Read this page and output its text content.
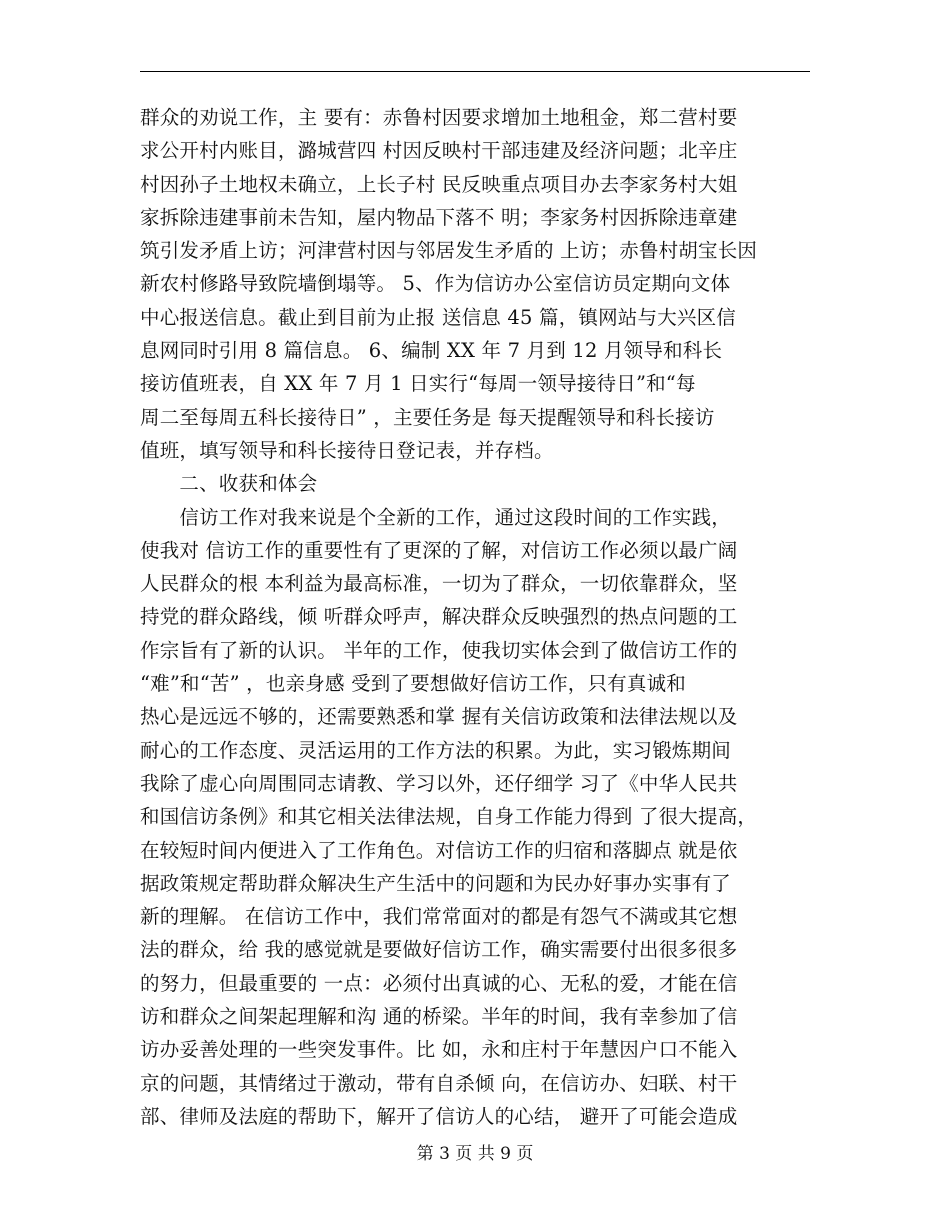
群众的劝说工作，主 要有：赤鲁村因要求增加土地租金，郑二营村要
求公开村内账目，潞城营四 村因反映村干部违建及经济问题；北辛庄
村因孙子土地权未确立，上长子村 民反映重点项目办去李家务村大姐
家拆除违建事前未告知，屋内物品下落不 明；李家务村因拆除违章建
筑引发矛盾上访；河津营村因与邻居发生矛盾的 上访；赤鲁村胡宝长因
新农村修路导致院墙倒塌等。 5、作为信访办公室信访员定期向文体
中心报送信息。截止到目前为止报 送信息 45 篇，镇网站与大兴区信
息网同时引用 8 篇信息。 6、编制 XX 年 7 月到 12 月领导和科长
接访值班表，自 XX 年 7 月 1 日实行“每周一领导接待日”和“每
周二至每周五科长接待日” ，主要任务是 每天提醒领导和科长接访
值班，填写领导和科长接待日登记表，并存档。
　　二、收获和体会
　　信访工作对我来说是个全新的工作，通过这段时间的工作实践，
使我对 信访工作的重要性有了更深的了解，对信访工作必须以最广阔
人民群众的根 本利益为最高标准，一切为了群众，一切依靠群众，坚
持党的群众路线，倾 听群众呼声，解决群众反映强烈的热点问题的工
作宗旨有了新的认识。 半年的工作，使我切实体会到了做信访工作的
“难”和“苦” ，也亲身感 受到了要想做好信访工作，只有真诚和
热心是远远不够的，还需要熟悉和掌 握有关信访政策和法律法规以及
耐心的工作态度、灵活运用的工作方法的积累。为此，实习锻炼期间
我除了虚心向周围同志请教、学习以外，还仔细学 习了《中华人民共
和国信访条例》和其它相关法律法规，自身工作能力得到 了很大提高，
在较短时间内便进入了工作角色。对信访工作的归宿和落脚点 就是依
据政策规定帮助群众解决生产生活中的问题和为民办好事办实事有了
新的理解。 在信访工作中，我们常常面对的都是有怨气不满或其它想
法的群众，给 我的感觉就是要做好信访工作，确实需要付出很多很多
的努力，但最重要的 一点：必须付出真诚的心、无私的爱，才能在信
访和群众之间架起理解和沟 通的桥梁。半年的时间，我有幸参加了信
访办妥善处理的一些突发事件。比 如，永和庄村于年慧因户口不能入
京的问题，其情绪过于激动，带有自杀倾 向，在信访办、妇联、村干
部、律师及法庭的帮助下，解开了信访人的心结， 避开了可能会造成
第 3 页 共 9 页
